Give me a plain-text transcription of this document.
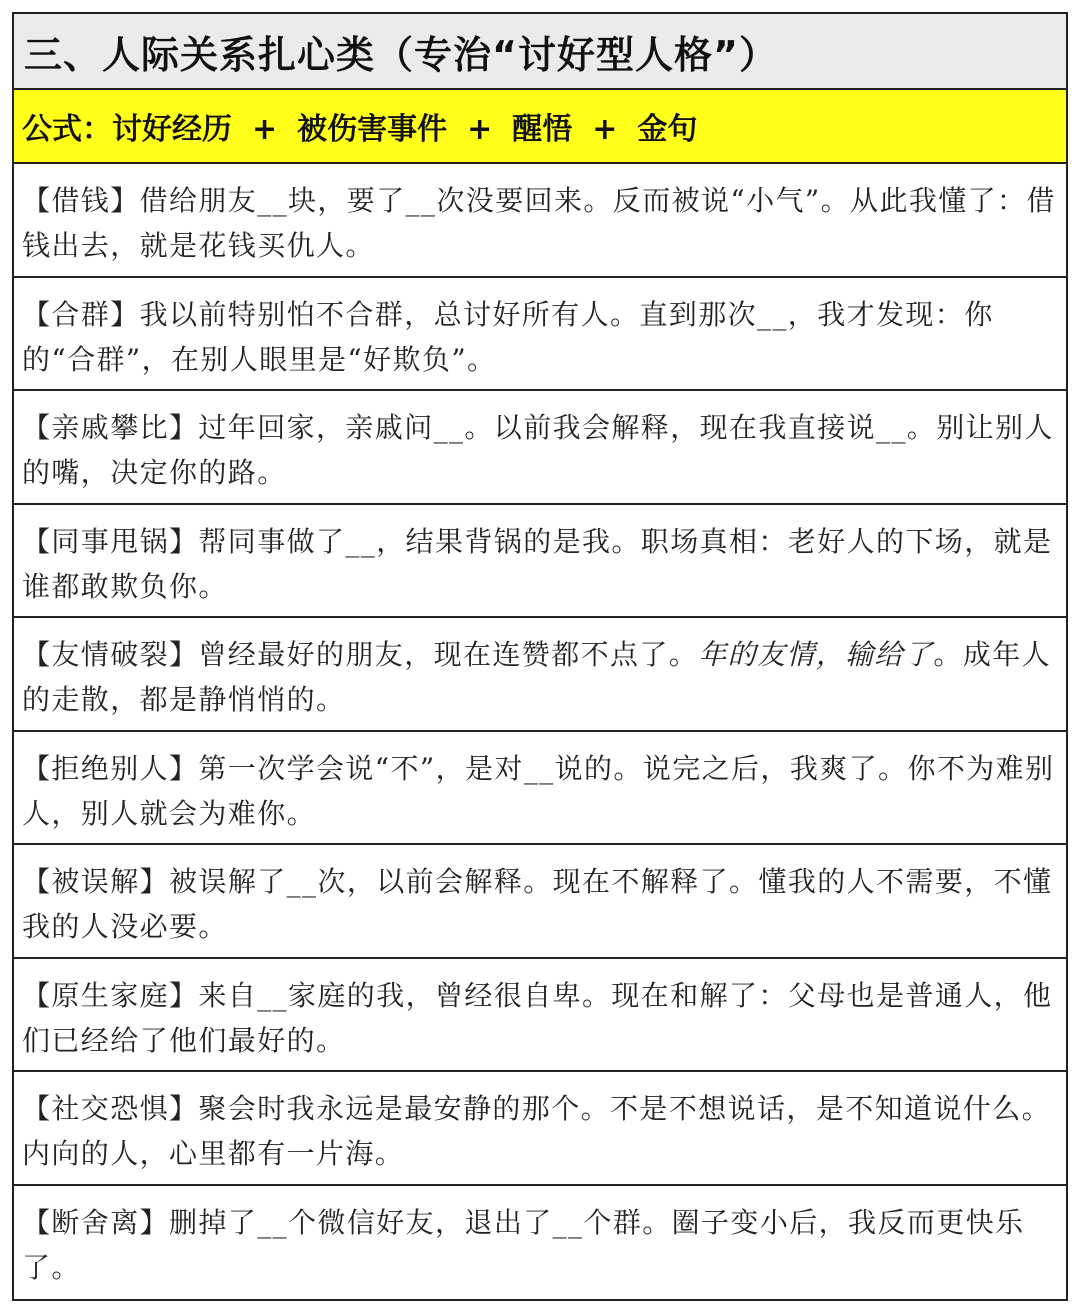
三、人际关系扎心类（专治“讨好型人格”）
公式：讨好经历 + 被伤害事件 + 醒悟 + 金句
【借钱】借给朋友__块，要了__次没要回来。反而被说“小气”。从此我懂了：借钱出去，就是花钱买仇人。
【合群】我以前特别怕不合群，总讨好所有人。直到那次__，我才发现：你的“合群”，在别人眼里是“好欺负”。
【亲戚攀比】过年回家，亲戚问__。以前我会解释，现在我直接说__。别让别人的嘴，决定你的路。
【同事甩锅】帮同事做了__，结果背锅的是我。职场真相：老好人的下场，就是谁都敢欺负你。
【友情破裂】曾经最好的朋友，现在连赞都不点了。年的友情，输给了。成年人的走散，都是静悄悄的。
【拒绝别人】第一次学会说“不”，是对__说的。说完之后，我爽了。你不为难别人，别人就会为难你。
【被误解】被误解了__次，以前会解释。现在不解释了。懂我的人不需要，不懂我的人没必要。
【原生家庭】来自__家庭的我，曾经很自卑。现在和解了：父母也是普通人，他们已经给了他们最好的。
【社交恐惧】聚会时我永远是最安静的那个。不是不想说话，是不知道说什么。内向的人，心里都有一片海。
【断舍离】删掉了__个微信好友，退出了__个群。圈子变小后，我反而更快乐了。
